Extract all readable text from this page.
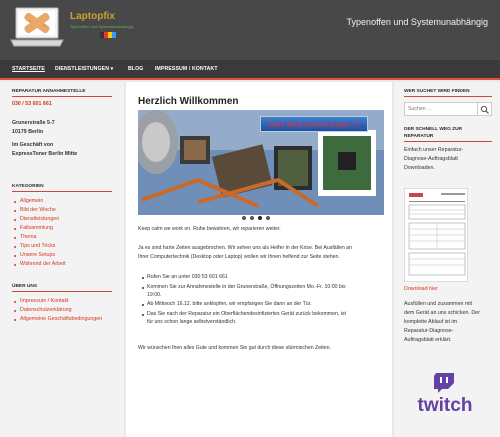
Laptopfix
Typenoffen und Systemunabhängig	Typenoffen und Systemunabhängig
STARTSEITE DIENSTLEISTUNGEN ▾	BLOG IMPRESSUM / KONTAKT
REPARATUR ANNAHMESTELLE
030 / 53 601 661
Grunerstraße 5-7
10179 Berlin
Im Geschäft von
ExpressToner Berlin Mitte
KATEGORIEN
Allgemein
Bild der Woche
Dienstleistungen
Fallsammlung
Thema
Tips und Tricks
Unsere Setups
Während der Arbeit
ÜBER UNS
Impressum / Kontakt
Datenschutzerklärung
Allgemeine Geschäftsbedingungen
Herzlich Willkommen
Nach Heiß kommt kaputt !!!
Keep calm we work on. Ruhe bewahren, wir reparieren weiter.
Ja es sind harte Zeiten ausgebrochen. Wir sehen uns als Helfer in der Krise. Bei Ausfällen an
Ihrer Computertechnik (Desktop oder Laptop) wollen wir Ihnen helfend zur Seite stehen.
Rufen Sie an unter 030 53 601 661
Kommen Sie zur Annahmestelle in der Grunerstraße, Öffnungszeiten Mo.-Fr. 10:00 bis
19:00.
Ab Mittwoch 16.12. bitte anklopfen, wir empfangen Sie dann an der Tür.
Das Sie nach der Reparatur ein Oberflächendesinfiziertes Gerät zurück bekommen, ist
für uns schon lange selbstverständlich.
Wir wünschen Ihen alles Gute und kommen Sie gut durch diese stürmischen Zeiten.
WER SUCHET WIRD FINDEN
Suchen …
DER SCHNELL WEG ZUR
REPARATUR
Einfach unser Reparatur-
Diagnose-Auftragsblatt
Downloaden.
Download hier
Ausfüllen und zusammen mit
dem Gerät an uns schicken. Der
komplette Ablauf ist im
Reparatur-Diagnose-
Auftragsblatt erklärt.
twitch
